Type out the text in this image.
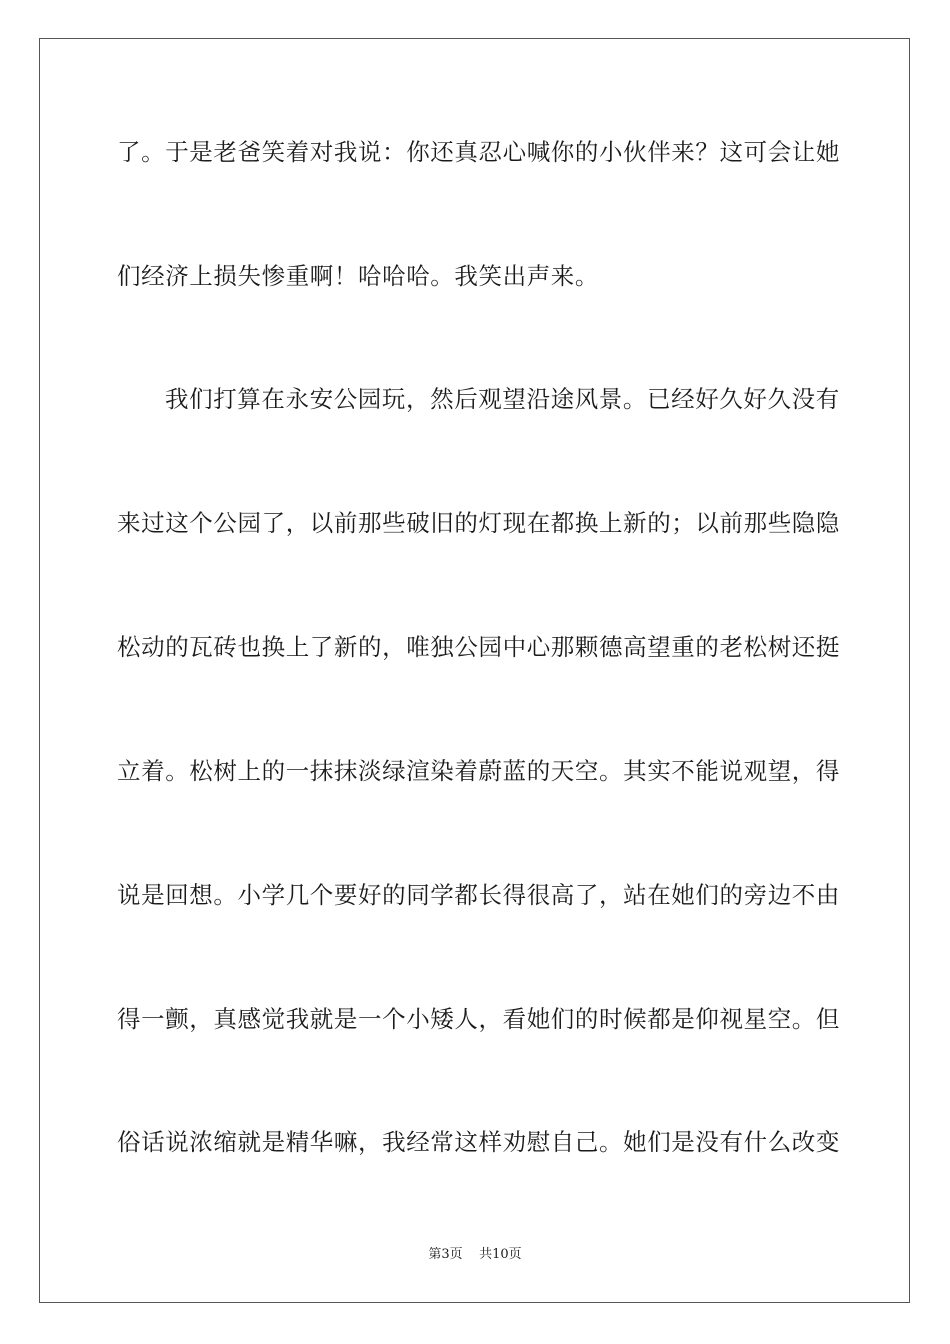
了。于是老爸笑着对我说：你还真忍心喊你的小伙伴来？这可会让她
们经济上损失惨重啊！哈哈哈。我笑出声来。
我们打算在永安公园玩，然后观望沿途风景。已经好久好久没有
来过这个公园了，以前那些破旧的灯现在都换上新的；以前那些隐隐
松动的瓦砖也换上了新的，唯独公园中心那颗德高望重的老松树还挺
立着。松树上的一抹抹淡绿渲染着蔚蓝的天空。其实不能说观望，得
说是回想。小学几个要好的同学都长得很高了，站在她们的旁边不由
得一颤，真感觉我就是一个小矮人，看她们的时候都是仰视星空。但
俗话说浓缩就是精华嘛，我经常这样劝慰自己。她们是没有什么改变
第3页 共10页
